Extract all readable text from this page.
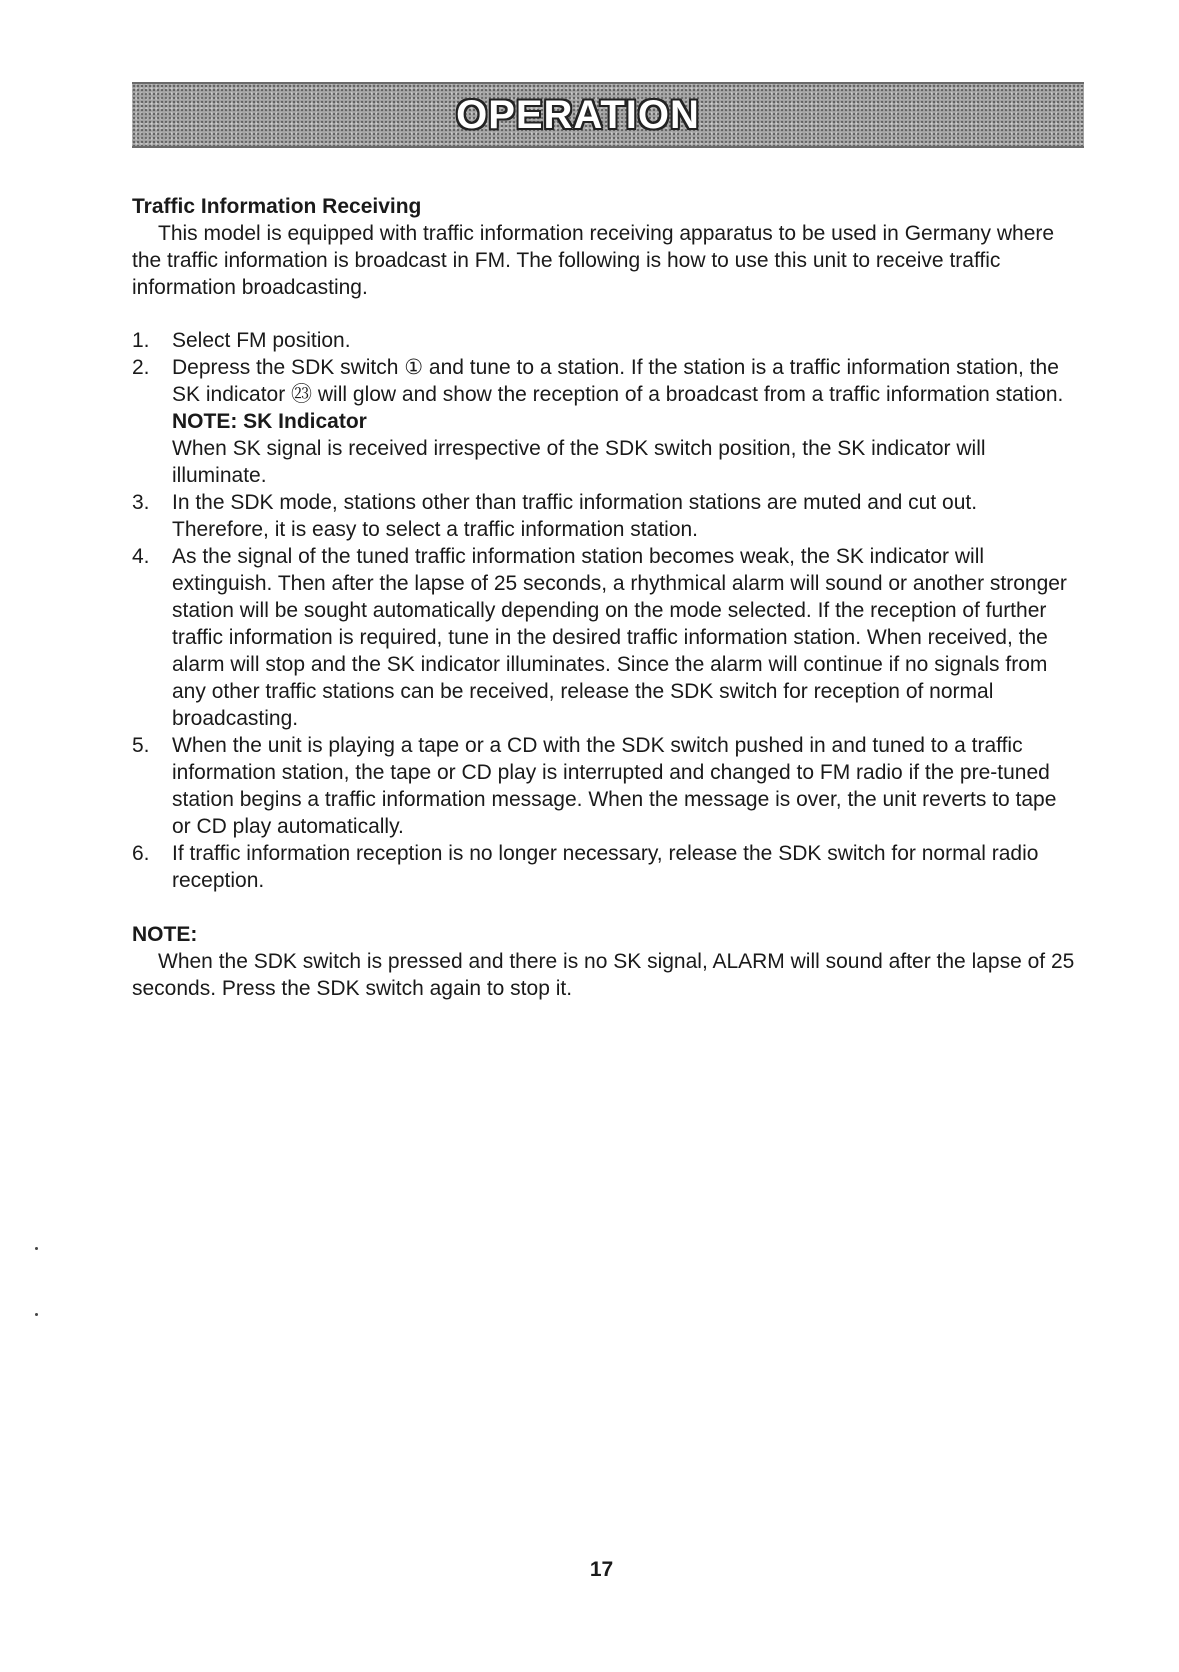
OPERATION

Traffic Information Receiving

This model is equipped with traffic information receiving apparatus to be used in Germany where the traffic information is broadcast in FM. The following is how to use this unit to receive traffic information broadcasting.

1.	Select FM position.
2.	Depress the SDK switch ① and tune to a station. If the station is a traffic information station, the SK indicator ㉓ will glow and show the reception of a broadcast from a traffic information station.
NOTE: SK Indicator
When SK signal is received irrespective of the SDK switch position, the SK indicator will illuminate.
3.	In the SDK mode, stations other than traffic information stations are muted and cut out. Therefore, it is easy to select a traffic information station.
4.	As the signal of the tuned traffic information station becomes weak, the SK indicator will extinguish. Then after the lapse of 25 seconds, a rhythmical alarm will sound or another stronger station will be sought automatically depending on the mode selected. If the reception of further traffic information is required, tune in the desired traffic information station. When received, the alarm will stop and the SK indicator illuminates. Since the alarm will continue if no signals from any other traffic stations can be received, release the SDK switch for reception of normal broadcasting.
5.	When the unit is playing a tape or a CD with the SDK switch pushed in and tuned to a traffic information station, the tape or CD play is interrupted and changed to FM radio if the pre-tuned station begins a traffic information message. When the message is over, the unit reverts to tape or CD play automatically.
6.	If traffic information reception is no longer necessary, release the SDK switch for normal radio reception.

NOTE:

When the SDK switch is pressed and there is no SK signal, ALARM will sound after the lapse of 25 seconds. Press the SDK switch again to stop it.

17
